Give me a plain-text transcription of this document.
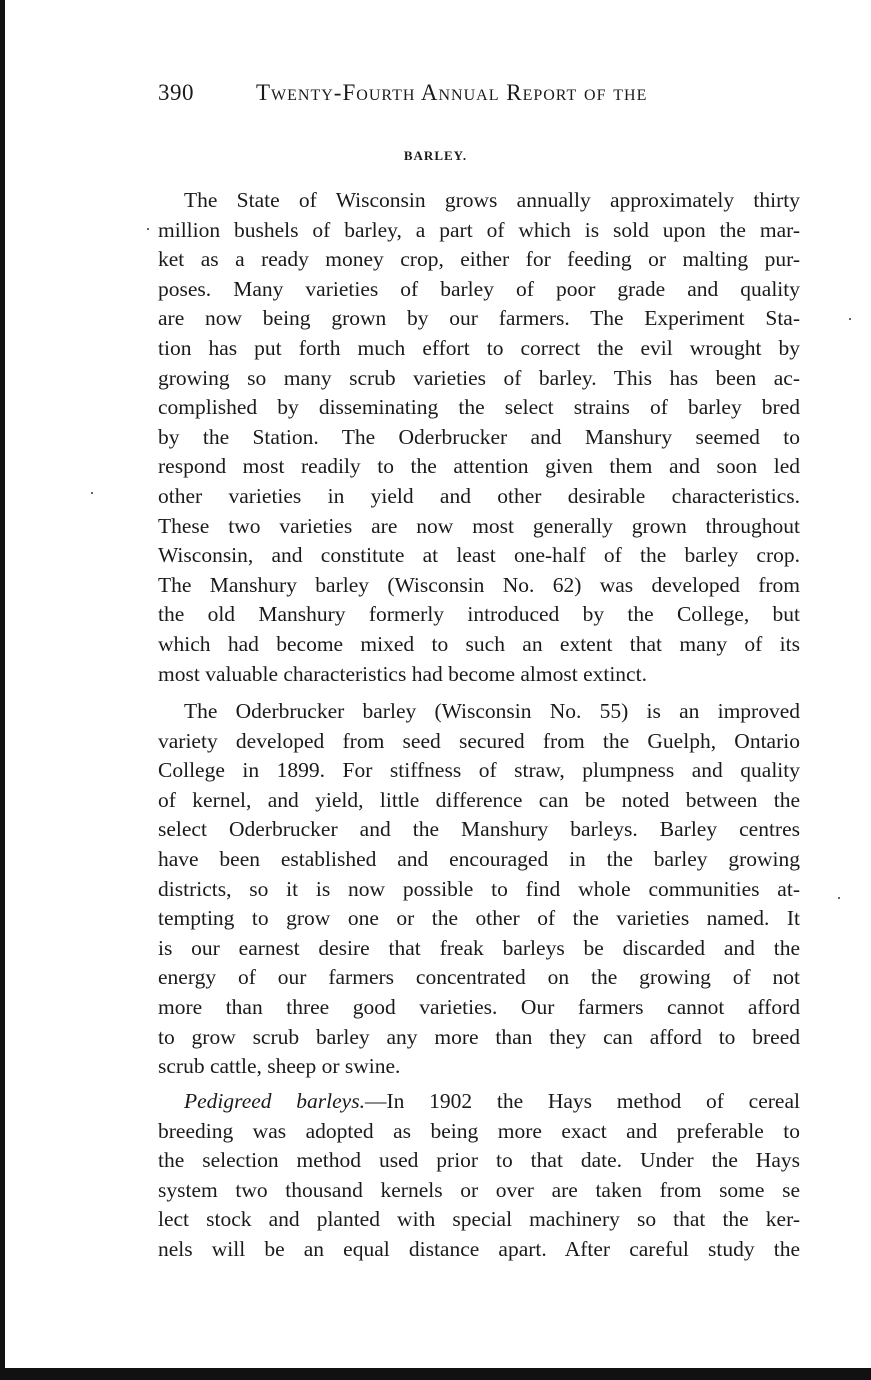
390	Twenty-Fourth Annual Report of the
BARLEY.
The State of Wisconsin grows annually approximately thirty
million bushels of barley, a part of which is sold upon the mar-
ket as a ready money crop, either for feeding or malting pur-
poses. Many varieties of barley of poor grade and quality
are now being grown by our farmers. The Experiment Sta-
tion has put forth much effort to correct the evil wrought by
growing so many scrub varieties of barley. This has been ac-
complished by disseminating the select strains of barley bred
by the Station. The Oderbrucker and Manshury seemed to
respond most readily to the attention given them and soon led
other varieties in yield and other desirable characteristics.
These two varieties are now most generally grown throughout
Wisconsin, and constitute at least one-half of the barley crop.
The Manshury barley (Wisconsin No. 62) was developed from
the old Manshury formerly introduced by the College, but
which had become mixed to such an extent that many of its
most valuable characteristics had become almost extinct.
The Oderbrucker barley (Wisconsin No. 55) is an improved
variety developed from seed secured from the Guelph, Ontario
College in 1899. For stiffness of straw, plumpness and quality
of kernel, and yield, little difference can be noted between the
select Oderbrucker and the Manshury barleys. Barley centres
have been established and encouraged in the barley growing
districts, so it is now possible to find whole communities at-
tempting to grow one or the other of the varieties named. It
is our earnest desire that freak barleys be discarded and the
energy of our farmers concentrated on the growing of not
more than three good varieties. Our farmers cannot afford
to grow scrub barley any more than they can afford to breed
scrub cattle, sheep or swine.
Pedigreed barleys.—In 1902 the Hays method of cereal
breeding was adopted as being more exact and preferable to
the selection method used prior to that date. Under the Hays
system two thousand kernels or over are taken from some se
lect stock and planted with special machinery so that the ker-
nels will be an equal distance apart. After careful study the
